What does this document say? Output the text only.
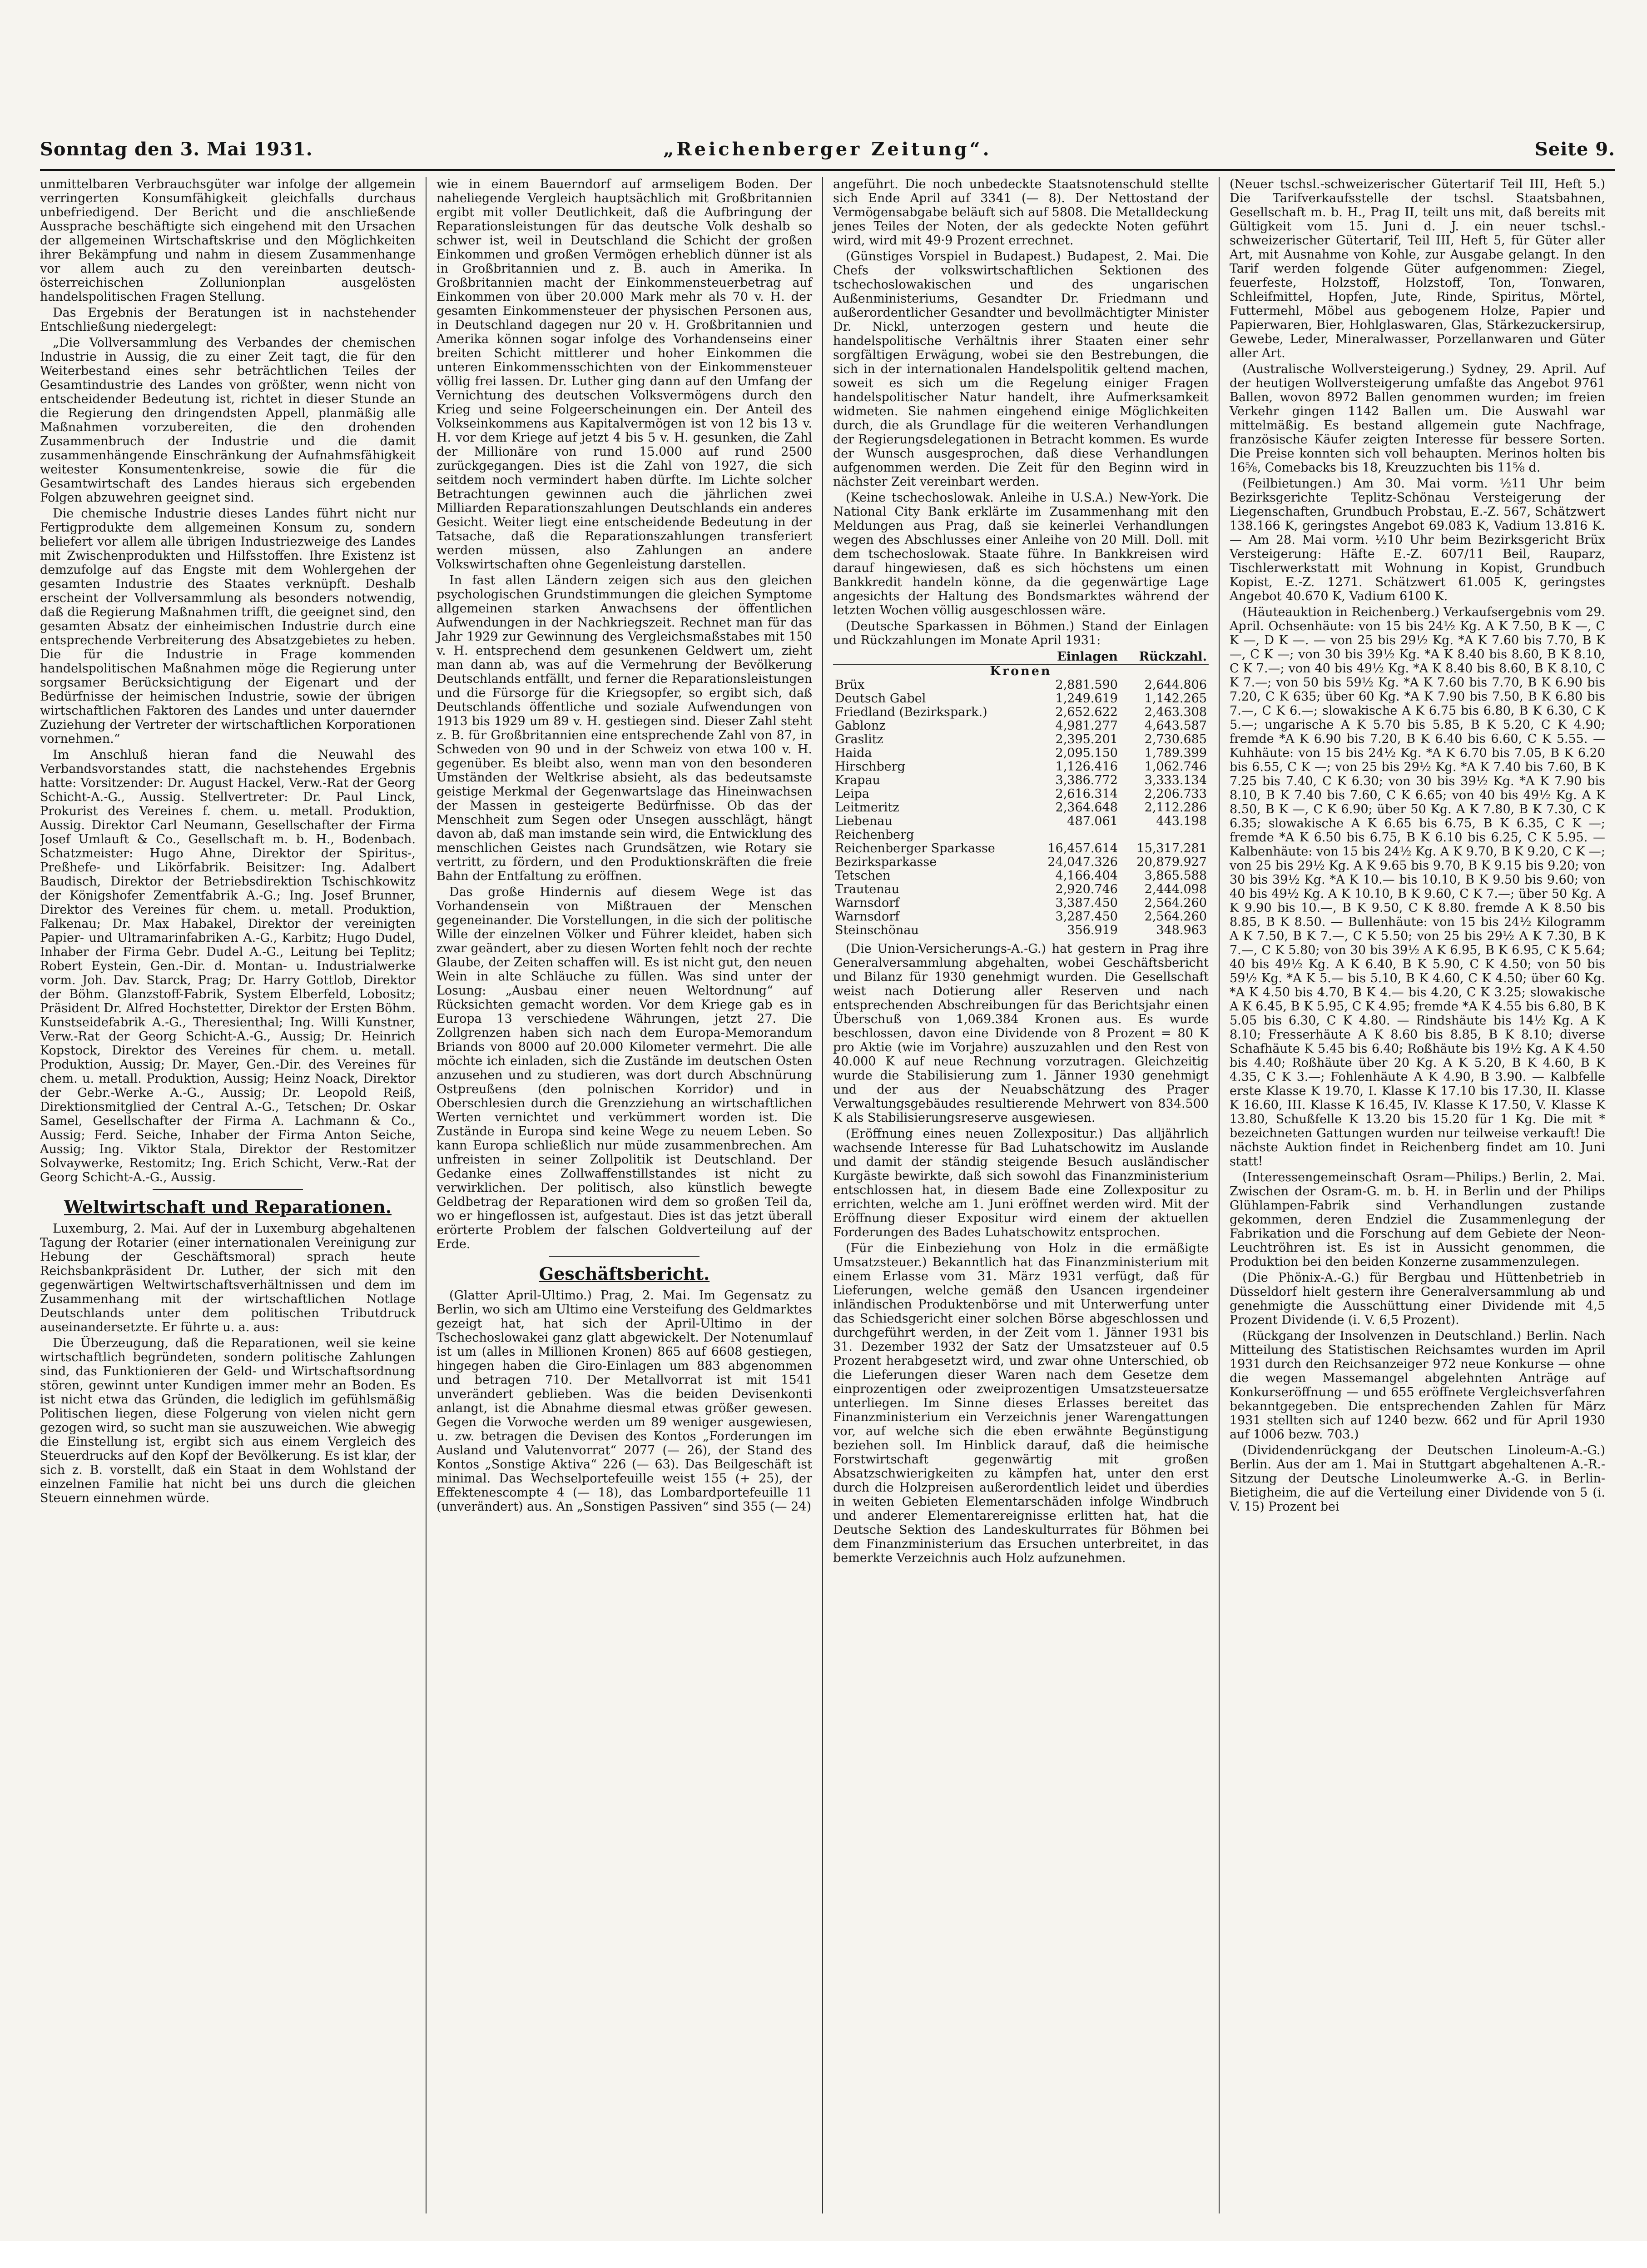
Sonntag den 3. Mai 1931.	„Reichenberger Zeitung“.	Seite 9.

unmittelbaren Verbrauchsgüter war infolge der allgemein verringerten Konsumfähigkeit gleichfalls durchaus unbefriedigend. Der Bericht und die anschließende Aussprache beschäftigte sich eingehend mit den Ursachen der allgemeinen Wirtschaftskrise und den Möglichkeiten ihrer Bekämpfung und nahm in diesem Zusammenhange vor allem auch zu den vereinbarten deutsch-österreichischen Zollunionplan ausgelösten handelspolitischen Fragen Stellung.

Das Ergebnis der Beratungen ist in nachstehender Entschließung niedergelegt:

„Die Vollversammlung des Verbandes der chemischen Industrie in Aussig, die zu einer Zeit tagt, die für den Weiterbestand eines sehr beträchtlichen Teiles der Gesamtindustrie des Landes von größter, wenn nicht von entscheidender Bedeutung ist, richtet in dieser Stunde an die Regierung den dringendsten Appell, planmäßig alle Maßnahmen vorzubereiten, die den drohenden Zusammenbruch der Industrie und die damit zusammenhängende Einschränkung der Aufnahmsfähigkeit weitester Konsumentenkreise, sowie die für die Gesamtwirtschaft des Landes hieraus sich ergebenden Folgen abzuwehren geeignet sind.

Die chemische Industrie dieses Landes führt nicht nur Fertigprodukte dem allgemeinen Konsum zu, sondern beliefert vor allem alle übrigen Industriezweige des Landes mit Zwischenprodukten und Hilfsstoffen. Ihre Existenz ist demzufolge auf das Engste mit dem Wohlergehen der gesamten Industrie des Staates verknüpft. Deshalb erscheint der Vollversammlung als besonders notwendig, daß die Regierung Maßnahmen trifft, die geeignet sind, den gesamten Absatz der einheimischen Industrie durch eine entsprechende Verbreiterung des Absatzgebietes zu heben. Die für die Industrie in Frage kommenden handelspolitischen Maßnahmen möge die Regierung unter sorgsamer Berücksichtigung der Eigenart und der Bedürfnisse der heimischen Industrie, sowie der übrigen wirtschaftlichen Faktoren des Landes und unter dauernder Zuziehung der Vertreter der wirtschaftlichen Korporationen vornehmen.“

Im Anschluß hieran fand die Neuwahl des Verbandsvorstandes statt, die nachstehendes Ergebnis hatte: Vorsitzender: Dr. August Hackel, Verw.-Rat der Georg Schicht-A.-G., Aussig. Stellvertreter: Dr. Paul Linck, Prokurist des Vereines f. chem. u. metall. Produktion, Aussig. Direktor Carl Neumann, Gesellschafter der Firma Josef Umlauft & Co., Gesellschaft m. b. H., Bodenbach. Schatzmeister: Hugo Ahne, Direktor der Spiritus-, Preßhefe- und Likörfabrik. Beisitzer: Ing. Adalbert Baudisch, Direktor der Betriebsdirektion Tschischkowitz der Königshofer Zementfabrik A.-G.; Ing. Josef Brunner, Direktor des Vereines für chem. u. metall. Produktion, Falkenau; Dr. Max Habakel, Direktor der vereinigten Papier- und Ultramarinfabriken A.-G., Karbitz; Hugo Dudel, Inhaber der Firma Gebr. Dudel A.-G., Leitung bei Teplitz; Robert Eystein, Gen.-Dir. d. Montan- u. Industrialwerke vorm. Joh. Dav. Starck, Prag; Dr. Harry Gottlob, Direktor der Böhm. Glanzstoff-Fabrik, System Elberfeld, Lobositz; Präsident Dr. Alfred Hochstetter, Direktor der Ersten Böhm. Kunstseidefabrik A.-G., Theresienthal; Ing. Willi Kunstner, Verw.-Rat der Georg Schicht-A.-G., Aussig; Dr. Heinrich Kopstock, Direktor des Vereines für chem. u. metall. Produktion, Aussig; Dr. Mayer, Gen.-Dir. des Vereines für chem. u. metall. Produktion, Aussig; Heinz Noack, Direktor der Gebr.-Werke A.-G., Aussig; Dr. Leopold Reiß, Direktionsmitglied der Central A.-G., Tetschen; Dr. Oskar Samel, Gesellschafter der Firma A. Lachmann & Co., Aussig; Ferd. Seiche, Inhaber der Firma Anton Seiche, Aussig; Ing. Viktor Stala, Direktor der Restomitzer Solvaywerke, Restomitz; Ing. Erich Schicht, Verw.-Rat der Georg Schicht-A.-G., Aussig.

Weltwirtschaft und Reparationen.

Luxemburg, 2. Mai. Auf der in Luxemburg abgehaltenen Tagung der Rotarier (einer internationalen Vereinigung zur Hebung der Geschäftsmoral) sprach heute Reichsbankpräsident Dr. Luther, der sich mit den gegenwärtigen Weltwirtschaftsverhältnissen und dem im Zusammenhang mit der wirtschaftlichen Notlage Deutschlands unter dem politischen Tributdruck auseinandersetzte. Er führte u. a. aus:

Die Überzeugung, daß die Reparationen, weil sie keine wirtschaftlich begründeten, sondern politische Zahlungen sind, das Funktionieren der Geld- und Wirtschaftsordnung stören, gewinnt unter Kundigen immer mehr an Boden. Es ist nicht etwa das Gründen, die lediglich im gefühlsmäßig Politischen liegen, diese Folgerung von vielen nicht gern gezogen wird, so sucht man sie auszuweichen. Wie abwegig die Einstellung ist, ergibt sich aus einem Vergleich des Steuerdrucks auf den Kopf der Bevölkerung. Es ist klar, der sich z. B. vorstellt, daß ein Staat in dem Wohlstand der einzelnen Familie hat nicht bei uns durch die gleichen Steuern einnehmen würde.

wie in einem Bauerndorf auf armseligem Boden. Der naheliegende Vergleich hauptsächlich mit Großbritannien ergibt mit voller Deutlichkeit, daß die Aufbringung der Reparationsleistungen für das deutsche Volk deshalb so schwer ist, weil in Deutschland die Schicht der großen Einkommen und großen Vermögen erheblich dünner ist als in Großbritannien und z. B. auch in Amerika. In Großbritannien macht der Einkommensteuerbetrag auf Einkommen von über 20.000 Mark mehr als 70 v. H. der gesamten Einkommensteuer der physischen Personen aus, in Deutschland dagegen nur 20 v. H. Großbritannien und Amerika können sogar infolge des Vorhandenseins einer breiten Schicht mittlerer und hoher Einkommen die unteren Einkommensschichten von der Einkommensteuer völlig frei lassen. Dr. Luther ging dann auf den Umfang der Vernichtung des deutschen Volksvermögens durch den Krieg und seine Folgeerscheinungen ein. Der Anteil des Volkseinkommens aus Kapitalvermögen ist von 12 bis 13 v. H. vor dem Kriege auf jetzt 4 bis 5 v. H. gesunken, die Zahl der Millionäre von rund 15.000 auf rund 2500 zurückgegangen. Dies ist die Zahl von 1927, die sich seitdem noch vermindert haben dürfte. Im Lichte solcher Betrachtungen gewinnen auch die jährlichen zwei Milliarden Reparationszahlungen Deutschlands ein anderes Gesicht. Weiter liegt eine entscheidende Bedeutung in der Tatsache, daß die Reparationszahlungen transferiert werden müssen, also Zahlungen an andere Volkswirtschaften ohne Gegenleistung darstellen.

In fast allen Ländern zeigen sich aus den gleichen psychologischen Grundstimmungen die gleichen Symptome allgemeinen starken Anwachsens der öffentlichen Aufwendungen in der Nachkriegszeit. Rechnet man für das Jahr 1929 zur Gewinnung des Vergleichsmaßstabes mit 150 v. H. entsprechend dem gesunkenen Geldwert um, zieht man dann ab, was auf die Vermehrung der Bevölkerung Deutschlands entfällt, und ferner die Reparationsleistungen und die Fürsorge für die Kriegsopfer, so ergibt sich, daß Deutschlands öffentliche und soziale Aufwendungen von 1913 bis 1929 um 89 v. H. gestiegen sind. Dieser Zahl steht z. B. für Großbritannien eine entsprechende Zahl von 87, in Schweden von 90 und in der Schweiz von etwa 100 v. H. gegenüber. Es bleibt also, wenn man von den besonderen Umständen der Weltkrise absieht, als das bedeutsamste geistige Merkmal der Gegenwartslage das Hineinwachsen der Massen in gesteigerte Bedürfnisse. Ob das der Menschheit zum Segen oder Unsegen ausschlägt, hängt davon ab, daß man imstande sein wird, die Entwicklung des menschlichen Geistes nach Grundsätzen, wie Rotary sie vertritt, zu fördern, und den Produktionskräften die freie Bahn der Entfaltung zu eröffnen.

Das große Hindernis auf diesem Wege ist das Vorhandensein von Mißtrauen der Menschen gegeneinander. Die Vorstellungen, in die sich der politische Wille der einzelnen Völker und Führer kleidet, haben sich zwar geändert, aber zu diesen Worten fehlt noch der rechte Glaube, der Zeiten schaffen will. Es ist nicht gut, den neuen Wein in alte Schläuche zu füllen. Was sind unter der Losung: „Ausbau einer neuen Weltordnung“ auf Rücksichten gemacht worden. Vor dem Kriege gab es in Europa 13 verschiedene Währungen, jetzt 27. Die Zollgrenzen haben sich nach dem Europa-Memorandum Briands von 8000 auf 20.000 Kilometer vermehrt. Die alle möchte ich einladen, sich die Zustände im deutschen Osten anzusehen und zu studieren, was dort durch Abschnürung Ostpreußens (den polnischen Korridor) und in Oberschlesien durch die Grenzziehung an wirtschaftlichen Werten vernichtet und verkümmert worden ist. Die Zustände in Europa sind keine Wege zu neuem Leben. So kann Europa schließlich nur müde zusammenbrechen. Am unfreisten in seiner Zollpolitik ist Deutschland. Der Gedanke eines Zollwaffenstillstandes ist nicht zu verwirklichen. Der politisch, also künstlich bewegte Geldbetrag der Reparationen wird dem so großen Teil da, wo er hingeflossen ist, aufgestaut. Dies ist das jetzt überall erörterte Problem der falschen Goldverteilung auf der Erde.

Geschäftsbericht.

(Glatter April-Ultimo.) Prag, 2. Mai. Im Gegensatz zu Berlin, wo sich am Ultimo eine Versteifung des Geldmarktes gezeigt hat, hat sich der April-Ultimo in der Tschechoslowakei ganz glatt abgewickelt. Der Notenumlauf ist um (alles in Millionen Kronen) 865 auf 6608 gestiegen, hingegen haben die Giro-Einlagen um 883 abgenommen und betragen 710. Der Metallvorrat ist mit 1541 unverändert geblieben. Was die beiden Devisenkonti anlangt, ist die Abnahme diesmal etwas größer gewesen. Gegen die Vorwoche werden um 89 weniger ausgewiesen, u. zw. betragen die Devisen des Kontos „Forderungen im Ausland und Valutenvorrat“ 2077 (— 26), der Stand des Kontos „Sonstige Aktiva“ 226 (— 63). Das Beilgeschäft ist minimal. Das Wechselportefeuille weist 155 (+ 25), der Effektenescompte 4 (— 18), das Lombardportefeuille 11 (unverändert) aus. An „Sonstigen Passiven“ sind 355 (— 24)

angeführt. Die noch unbedeckte Staatsnotenschuld stellte sich Ende April auf 3341 (— 8). Der Nettostand der Vermögensabgabe beläuft sich auf 5808. Die Metalldeckung jenes Teiles der Noten, der als gedeckte Noten geführt wird, wird mit 49·9 Prozent errechnet.

(Günstiges Vorspiel in Budapest.) Budapest, 2. Mai. Die Chefs der volkswirtschaftlichen Sektionen des tschechoslowakischen und des ungarischen Außenministeriums, Gesandter Dr. Friedmann und außerordentlicher Gesandter und bevollmächtigter Minister Dr. Nickl, unterzogen gestern und heute die handelspolitische Verhältnis ihrer Staaten einer sehr sorgfältigen Erwägung, wobei sie den Bestrebungen, die sich in der internationalen Handelspolitik geltend machen, soweit es sich um die Regelung einiger Fragen handelspolitischer Natur handelt, ihre Aufmerksamkeit widmeten. Sie nahmen eingehend einige Möglichkeiten durch, die als Grundlage für die weiteren Verhandlungen der Regierungsdelegationen in Betracht kommen. Es wurde der Wunsch ausgesprochen, daß diese Verhandlungen aufgenommen werden. Die Zeit für den Beginn wird in nächster Zeit vereinbart werden.

(Keine tschechoslowak. Anleihe in U.S.A.) New-York. Die National City Bank erklärte im Zusammenhang mit den Meldungen aus Prag, daß sie keinerlei Verhandlungen wegen des Abschlusses einer Anleihe von 20 Mill. Doll. mit dem tschechoslowak. Staate führe. In Bankkreisen wird darauf hingewiesen, daß es sich höchstens um einen Bankkredit handeln könne, da die gegenwärtige Lage angesichts der Haltung des Bondsmarktes während der letzten Wochen völlig ausgeschlossen wäre.

(Deutsche Sparkassen in Böhmen.) Stand der Einlagen und Rückzahlungen im Monate April 1931:

	Einlagen	Rückzahl.
Kronen		
Brüx	2,881.590	2,644.806
Deutsch Gabel	1,249.619	1,142.265
Friedland (Bezirkspark.)	2,652.622	2,463.308
Gablonz	4,981.277	4,643.587
Graslitz	2,395.201	2,730.685
Haida	2,095.150	1,789.399
Hirschberg	1,126.416	1,062.746
Krapau	3,386.772	3,333.134
Leipa	2,616.314	2,206.733
Leitmeritz	2,364.648	2,112.286
Liebenau	487.061	443.198
Reichenberg		
Reichenberger Sparkasse	16,457.614	15,317.281
Bezirksparkasse	24,047.326	20,879.927
Tetschen	4,166.404	3,865.588
Trautenau	2,920.746	2,444.098
Warnsdorf	3,387.450	2,564.260
Warnsdorf	3,287.450	2,564.260
Steinschönau	356.919	348.963

(Die Union-Versicherungs-A.-G.) hat gestern in Prag ihre Generalversammlung abgehalten, wobei Geschäftsbericht und Bilanz für 1930 genehmigt wurden. Die Gesellschaft weist nach Dotierung aller Reserven und nach entsprechenden Abschreibungen für das Berichtsjahr einen Überschuß von 1,069.384 Kronen aus. Es wurde beschlossen, davon eine Dividende von 8 Prozent = 80 K pro Aktie (wie im Vorjahre) auszuzahlen und den Rest von 40.000 K auf neue Rechnung vorzutragen. Gleichzeitig wurde die Stabilisierung zum 1. Jänner 1930 genehmigt und der aus der Neuabschätzung des Prager Verwaltungsgebäudes resultierende Mehrwert von 834.500 K als Stabilisierungsreserve ausgewiesen.

(Eröffnung eines neuen Zollexpositur.) Das alljährlich wachsende Interesse für Bad Luhatschowitz im Auslande und damit der ständig steigende Besuch ausländischer Kurgäste bewirkte, daß sich sowohl das Finanzministerium entschlossen hat, in diesem Bade eine Zollexpositur zu errichten, welche am 1. Juni eröffnet werden wird. Mit der Eröffnung dieser Expositur wird einem der aktuellen Forderungen des Bades Luhatschowitz entsprochen.

(Für die Einbeziehung von Holz in die ermäßigte Umsatzsteuer.) Bekanntlich hat das Finanzministerium mit einem Erlasse vom 31. März 1931 verfügt, daß für Lieferungen, welche gemäß den Usancen irgendeiner inländischen Produktenbörse und mit Unterwerfung unter das Schiedsgericht einer solchen Börse abgeschlossen und durchgeführt werden, in der Zeit vom 1. Jänner 1931 bis 31. Dezember 1932 der Satz der Umsatzsteuer auf 0.5 Prozent herabgesetzt wird, und zwar ohne Unterschied, ob die Lieferungen dieser Waren nach dem Gesetze dem einprozentigen oder zweiprozentigen Umsatzsteuersatze unterliegen. Im Sinne dieses Erlasses bereitet das Finanzministerium ein Verzeichnis jener Warengattungen vor, auf welche sich die eben erwähnte Begünstigung beziehen soll. Im Hinblick darauf, daß die heimische Forstwirtschaft gegenwärtig mit großen Absatzschwierigkeiten zu kämpfen hat, unter den erst durch die Holzpreisen außerordentlich leidet und überdies in weiten Gebieten Elementarschäden infolge Windbruch und anderer Elementarereignisse erlitten hat, hat die Deutsche Sektion des Landeskulturrates für Böhmen bei dem Finanzministerium das Ersuchen unterbreitet, in das bemerkte Verzeichnis auch Holz aufzunehmen.

(Neuer tschsl.-schweizerischer Gütertarif Teil III, Heft 5.) Die Tarifverkaufsstelle der tschsl. Staatsbahnen, Gesellschaft m. b. H., Prag II, teilt uns mit, daß bereits mit Gültigkeit vom 15. Juni d. J. ein neuer tschsl.-schweizerischer Gütertarif, Teil III, Heft 5, für Güter aller Art, mit Ausnahme von Kohle, zur Ausgabe gelangt. In den Tarif werden folgende Güter aufgenommen: Ziegel, feuerfeste, Holzstoff, Holzstoff, Ton, Tonwaren, Schleifmittel, Hopfen, Jute, Rinde, Spiritus, Mörtel, Futtermehl, Möbel aus gebogenem Holze, Papier und Papierwaren, Bier, Hohlglaswaren, Glas, Stärkezuckersirup, Gewebe, Leder, Mineralwasser, Porzellanwaren und Güter aller Art.

(Australische Wollversteigerung.) Sydney, 29. April. Auf der heutigen Wollversteigerung umfaßte das Angebot 9761 Ballen, wovon 8972 Ballen genommen wurden; im freien Verkehr gingen 1142 Ballen um. Die Auswahl war mittelmäßig. Es bestand allgemein gute Nachfrage, französische Käufer zeigten Interesse für bessere Sorten. Die Preise konnten sich voll behaupten. Merinos holten bis 16⅝, Comebacks bis 18, Kreuzzuchten bis 11⅝ d.

(Feilbietungen.) Am 30. Mai vorm. ½11 Uhr beim Bezirksgerichte Teplitz-Schönau Versteigerung der Liegenschaften, Grundbuch Probstau, E.-Z. 567, Schätzwert 138.166 K, geringstes Angebot 69.083 K, Vadium 13.816 K. — Am 28. Mai vorm. ½10 Uhr beim Bezirksgericht Brüx Versteigerung: Häfte E.-Z. 607/11 Beil, Rauparz, Tischlerwerkstatt mit Wohnung in Kopist, Grundbuch Kopist, E.-Z. 1271. Schätzwert 61.005 K, geringstes Angebot 40.670 K, Vadium 6100 K.

(Häuteauktion in Reichenberg.) Verkaufsergebnis vom 29. April. Ochsenhäute: von 15 bis 24½ Kg. A K 7.50, B K —, C K —, D K —. — von 25 bis 29½ Kg. *A K 7.60 bis 7.70, B K —, C K —; von 30 bis 39½ Kg. *A K 8.40 bis 8.60, B K 8.10, C K 7.—; von 40 bis 49½ Kg. *A K 8.40 bis 8.60, B K 8.10, C K 7.—; von 50 bis 59½ Kg. *A K 7.60 bis 7.70, B K 6.90 bis 7.20, C K 635; über 60 Kg. *A K 7.90 bis 7.50, B K 6.80 bis 7.—, C K 6.—; slowakische A K 6.75 bis 6.80, B K 6.30, C K 5.—; ungarische A K 5.70 bis 5.85, B K 5.20, C K 4.90; fremde *A K 6.90 bis 7.20, B K 6.40 bis 6.60, C K 5.55. — Kuhhäute: von 15 bis 24½ Kg. *A K 6.70 bis 7.05, B K 6.20 bis 6.55, C K —; von 25 bis 29½ Kg. *A K 7.40 bis 7.60, B K 7.25 bis 7.40, C K 6.30; von 30 bis 39½ Kg. *A K 7.90 bis 8.10, B K 7.40 bis 7.60, C K 6.65; von 40 bis 49½ Kg. A K 8.50, B K —, C K 6.90; über 50 Kg. A K 7.80, B K 7.30, C K 6.35; slowakische A K 6.65 bis 6.75, B K 6.35, C K —; fremde *A K 6.50 bis 6.75, B K 6.10 bis 6.25, C K 5.95. — Kalbenhäute: von 15 bis 24½ Kg. A K 9.70, B K 9.20, C K —; von 25 bis 29½ Kg. A K 9.65 bis 9.70, B K 9.15 bis 9.20; von 30 bis 39½ Kg. *A K 10.— bis 10.10, B K 9.50 bis 9.60; von 40 bis 49½ Kg. A K 10.10, B K 9.60, C K 7.—; über 50 Kg. A K 9.90 bis 10.—, B K 9.50, C K 8.80. fremde A K 8.50 bis 8.85, B K 8.50. — Bullenhäute: von 15 bis 24½ Kilogramm A K 7.50, B K 7.—, C K 5.50; von 25 bis 29½ A K 7.30, B K 7.—, C K 5.80; von 30 bis 39½ A K 6.95, B K 6.95, C K 5.64; 40 bis 49½ Kg. A K 6.40, B K 5.90, C K 4.50; von 50 bis 59½ Kg. *A K 5.— bis 5.10, B K 4.60, C K 4.50; über 60 Kg. *A K 4.50 bis 4.70, B K 4.— bis 4.20, C K 3.25; slowakische A K 6.45, B K 5.95, C K 4.95; fremde *A K 4.55 bis 6.80, B K 5.05 bis 6.30, C K 4.80. — Rindshäute bis 14½ Kg. A K 8.10; Fresserhäute A K 8.60 bis 8.85, B K 8.10; diverse Schafhäute K 5.45 bis 6.40; Roßhäute bis 19½ Kg. A K 4.50 bis 4.40; Roßhäute über 20 Kg. A K 5.20, B K 4.60, B K 4.35, C K 3.—; Fohlenhäute A K 4.90, B 3.90. — Kalbfelle erste Klasse K 19.70, I. Klasse K 17.10 bis 17.30, II. Klasse K 16.60, III. Klasse K 16.45, IV. Klasse K 17.50, V. Klasse K 13.80, Schußfelle K 13.20 bis 15.20 für 1 Kg. Die mit * bezeichneten Gattungen wurden nur teilweise verkauft! Die nächste Auktion findet in Reichenberg findet am 10. Juni statt!

(Interessengemeinschaft Osram—Philips.) Berlin, 2. Mai. Zwischen der Osram-G. m. b. H. in Berlin und der Philips Glühlampen-Fabrik sind Verhandlungen zustande gekommen, deren Endziel die Zusammenlegung der Fabrikation und die Forschung auf dem Gebiete der Neon-Leuchtröhren ist. Es ist in Aussicht genommen, die Produktion bei den beiden Konzerne zusammenzulegen.

(Die Phönix-A.-G.) für Bergbau und Hüttenbetrieb in Düsseldorf hielt gestern ihre Generalversammlung ab und genehmigte die Ausschüttung einer Dividende mit 4,5 Prozent Dividende (i. V. 6,5 Prozent).

(Rückgang der Insolvenzen in Deutschland.) Berlin. Nach Mitteilung des Statistischen Reichsamtes wurden im April 1931 durch den Reichsanzeiger 972 neue Konkurse — ohne die wegen Massemangel abgelehnten Anträge auf Konkurseröffnung — und 655 eröffnete Vergleichsverfahren bekanntgegeben. Die entsprechenden Zahlen für März 1931 stellten sich auf 1240 bezw. 662 und für April 1930 auf 1006 bezw. 703.)

(Dividendenrückgang der Deutschen Linoleum-A.-G.) Berlin. Aus der am 1. Mai in Stuttgart abgehaltenen A.-R.-Sitzung der Deutsche Linoleumwerke A.-G. in Berlin-Bietigheim, die auf die Verteilung einer Dividende von 5 (i. V. 15) Prozent bei
